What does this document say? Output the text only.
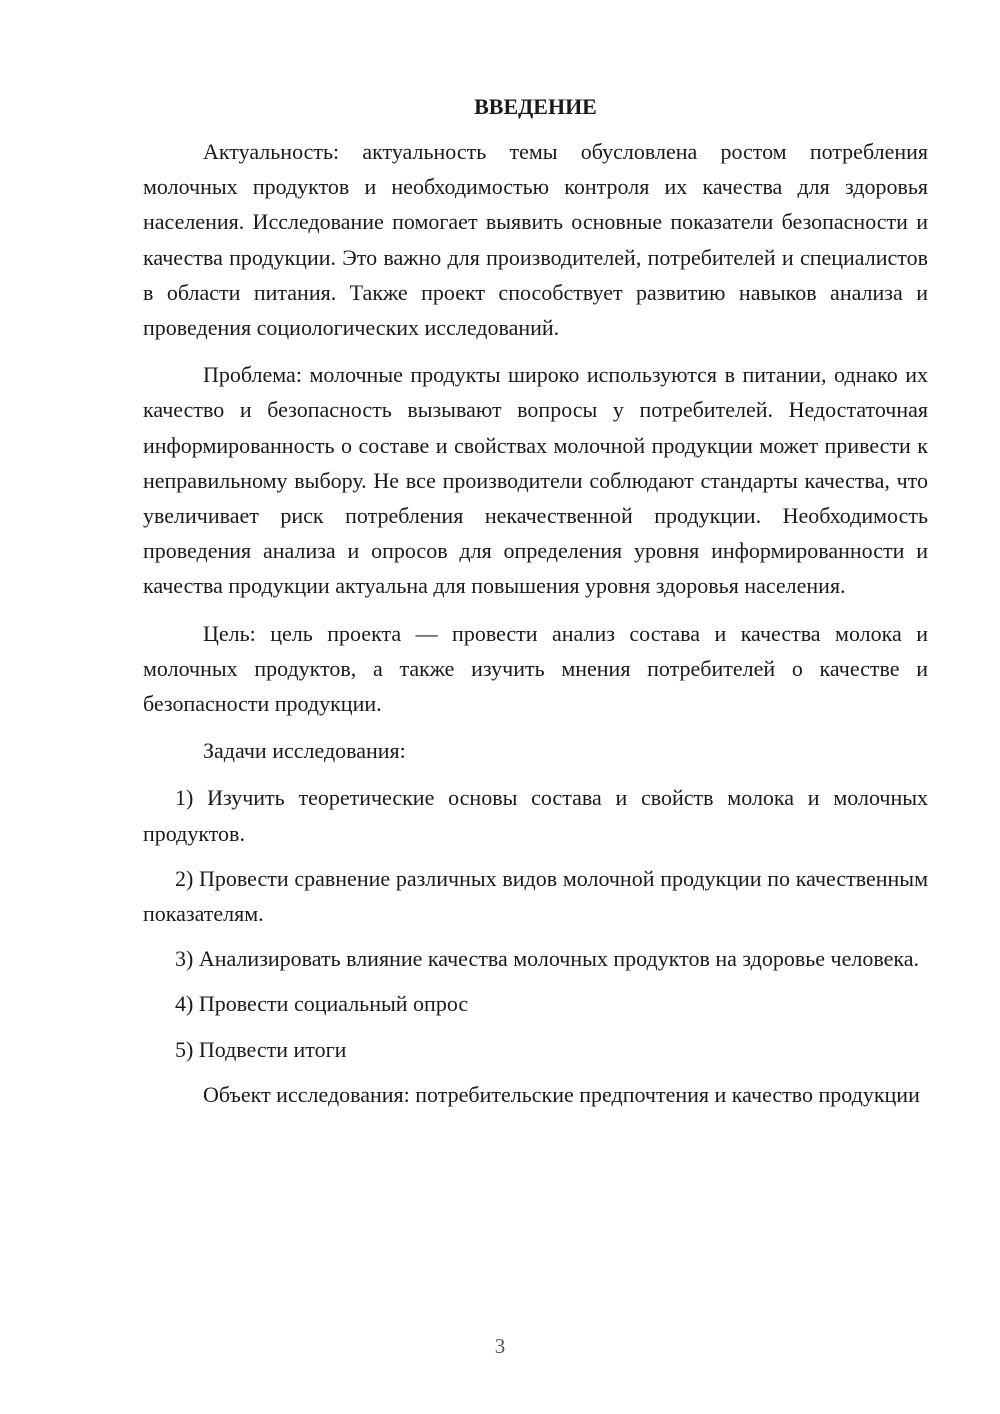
ВВЕДЕНИЕ

Актуальность: актуальность темы обусловлена ростом потребления молочных продуктов и необходимостью контроля их качества для здоровья населения. Исследование помогает выявить основные показатели безопасности и качества продукции. Это важно для производителей, потребителей и специалистов в области питания. Также проект способствует развитию навыков анализа и проведения социологических исследований.

Проблема: молочные продукты широко используются в питании, однако их качество и безопасность вызывают вопросы у потребителей. Недостаточная информированность о составе и свойствах молочной продукции может привести к неправильному выбору. Не все производители соблюдают стандарты качества, что увеличивает риск потребления некачественной продукции. Необходимость проведения анализа и опросов для определения уровня информированности и качества продукции актуальна для повышения уровня здоровья населения.

Цель: цель проекта — провести анализ состава и качества молока и молочных продуктов, а также изучить мнения потребителей о качестве и безопасности продукции.

Задачи исследования:

1) Изучить теоретические основы состава и свойств молока и молочных продуктов.

2) Провести сравнение различных видов молочной продукции по качественным показателям.

3) Анализировать влияние качества молочных продуктов на здоровье человека.

4) Провести социальный опрос

5) Подвести итоги

Объект исследования: потребительские предпочтения и качество продукции

3
